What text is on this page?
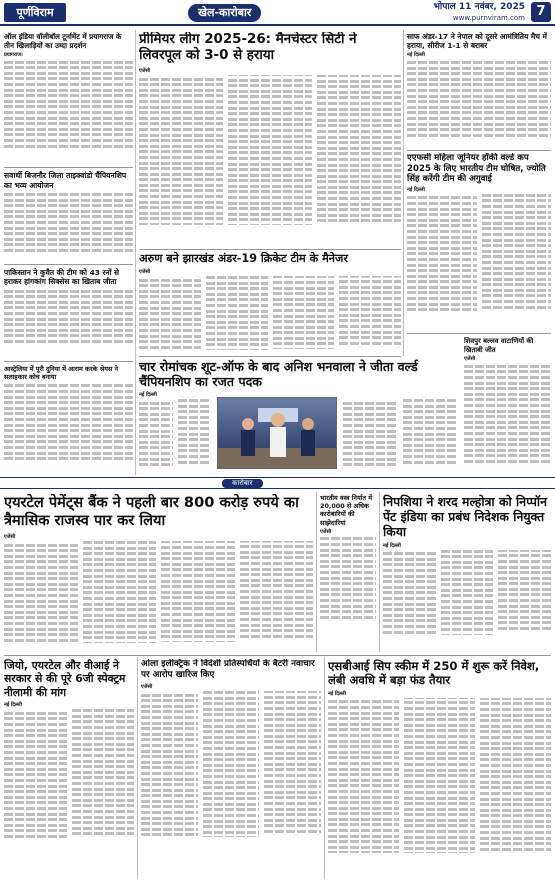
पूर्णविराम	खेल-कारोबार	भोपाल 11 नवंबर, 2025
www.purnviram.com 7
ऑल इंडिया वॉलीबॉल टूर्नामेंट में प्रयागराज के तीन खिलाड़ियों का उम्दा प्रदर्शन
प्रयागराज।
सवार्थी बिजनौर जिला ताइक्वांडो चैंपियनशिप का भव्य आयोजन
पाकिस्तान ने कुवैत की टीम को 43 रनों से हराकर हांगकांग सिक्सेस का खिताब जीता
आस्ट्रेलिया में पूरी दुनिया में आराम करके श्रेयस ने सलाहकार कोच बनाया
प्रीमियर लीग 2025-26: मैनचेस्टर सिटी ने लिवरपूल को 3-0 से हराया
एजेंसी
अरुण बने झारखंड अंडर-19 क्रिकेट टीम के मैनेजर
एजेंसी
चार रोमांचक शूट-ऑफ के बाद अनिश भनवाला ने जीता वर्ल्ड चैंपियनशिप का रजत पदक
नई दिल्ली
साफ अंडर-17 ने नेपाल को दूसरे आमंत्रितिय मैच में हराया, सीरीज 1-1 से बराबर
नई दिल्ली
एएफसी महिला जूनियर हॉकी वर्ल्ड कप 2025 के लिए भारतीय टीम घोषित, ज्योति सिंह करेंगी टीम की अगुवाई
नई दिल्ली
शिवपुर बल्लव वाटाणियों की खिताबी जीत
एजेंसी
कारोबार
एयरटेल पेमेंट्स बैंक ने पहली बार 800 करोड़ रुपये का त्रैमासिक राजस्व पार कर लिया
एजेंसी
भारतीय वस्त्र निर्यात में 20,000 से अधिक कारोबारियों की साझेदारियां
एजेंसी
निपशिया ने शरद मल्होत्रा को निप्पॉन पेंट इंडिया का प्रबंध निदेशक नियुक्त किया
नई दिल्ली
जियो, एयरटेल और वीआई ने सरकार से की पूरे 6जी स्पेक्ट्रम नीलामी की मांग
नई दिल्ली
ओला इलेक्ट्रिक ने विदेशी प्रतिस्पर्धियों के बैटरी नवाचार पर आरोप खारिज किए
एजेंसी
एसबीआई सिप स्कीम में 250 में शुरू करें निवेश, लंबी अवधि में बड़ा फंड तैयार
नई दिल्ली
